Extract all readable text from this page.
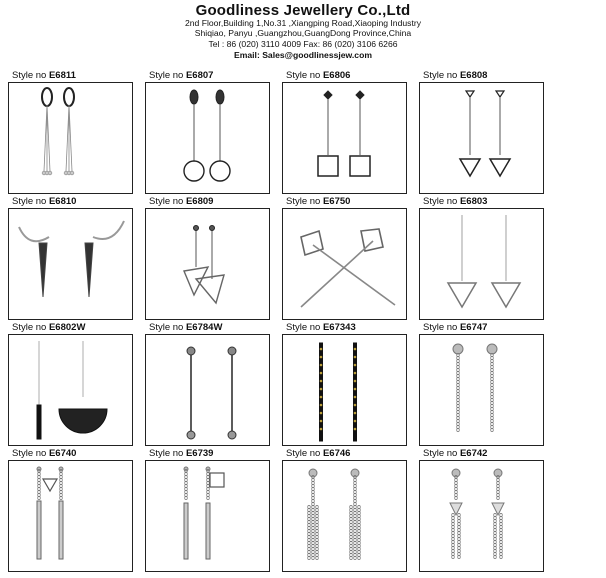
Goodliness Jewellery Co.,Ltd
2nd Floor,Building 1,No.31 ,Xiangping Road,Xiaoping Industry
Shiqiao, Panyu ,Guangzhou,GuangDong Province,China
Tel : 86 (020) 3110 4009 Fax: 86 (020) 3106 6266
Email: Sales@goodlinessjew.com
Style no E6811	Style no E6807	Style no E6806	Style no E6808
Style no E6810	Style no E6809	Style no E6750	Style no E6803
Style no E6802W	Style no E6784W	Style no E67343	Style no E6747
Style no E6740	Style no E6739	Style no E6746	Style no E6742
